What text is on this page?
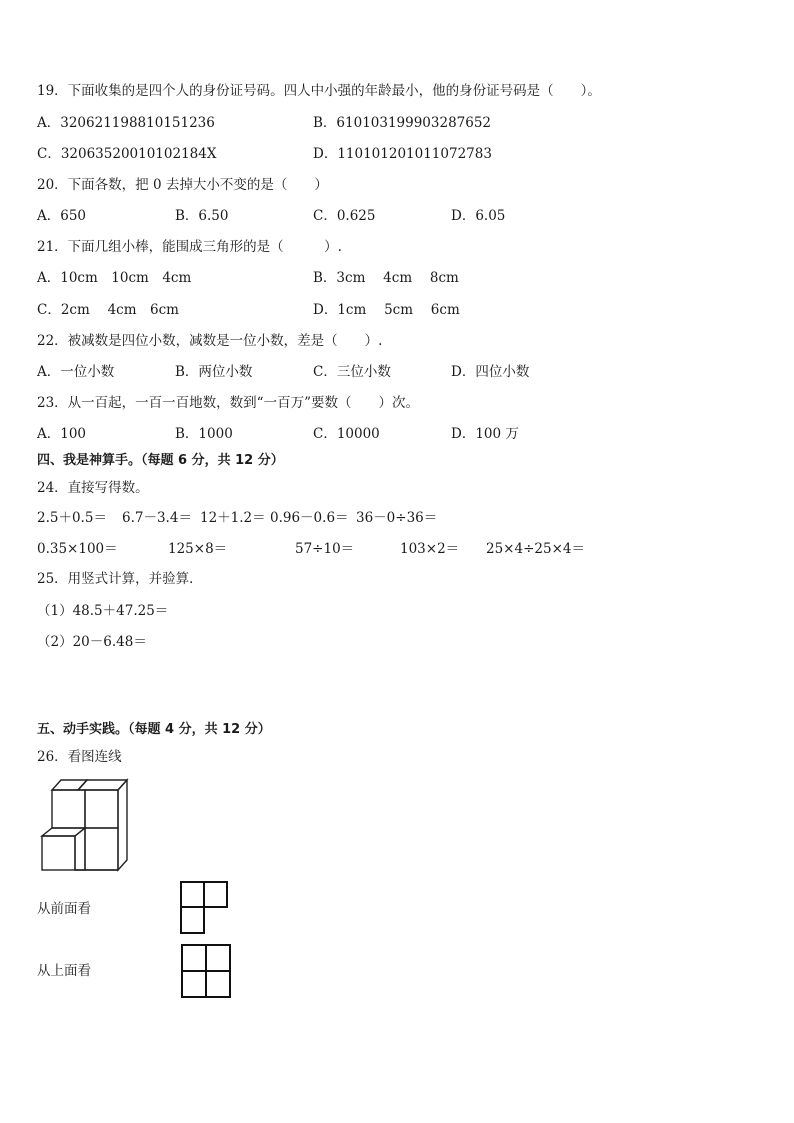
19．下面收集的是四个人的身份证号码。四人中小强的年龄最小，他的身份证号码是（　　）。
A．320621198810151236	B．610103199903287652
C．32063520010102184X	D．110101201011072783
20．下面各数，把 0 去掉大小不变的是（　　）
A．650	B．6.50	C．0.625	D．6.05
21．下面几组小棒，能围成三角形的是（　　　）.
A．10cm　10cm　4cm	B．3cm　 4cm　 8cm
C．2cm　 4cm　6cm	D．1cm　 5cm　 6cm
22．被减数是四位小数，减数是一位小数，差是（　　）.
A．一位小数	B．两位小数	C．三位小数	D．四位小数
23．从一百起，一百一百地数，数到“一百万”要数（　　）次。
A．100	B．1000	C．10000	D．100 万
四、我是神算手。（每题 6 分，共 12 分）
24．直接写得数。
2.5＋0.5＝ 6.7－3.4＝ 12＋1.2＝ 0.96－0.6＝ 36－0÷36＝
0.35×100＝	125×8＝	57÷10＝	103×2＝ 25×4÷25×4＝
25．用竖式计算，并验算．
（1）48.5＋47.25＝
（2）20－6.48＝
五、动手实践。（每题 4 分，共 12 分）
26．看图连线
从前面看
从上面看
